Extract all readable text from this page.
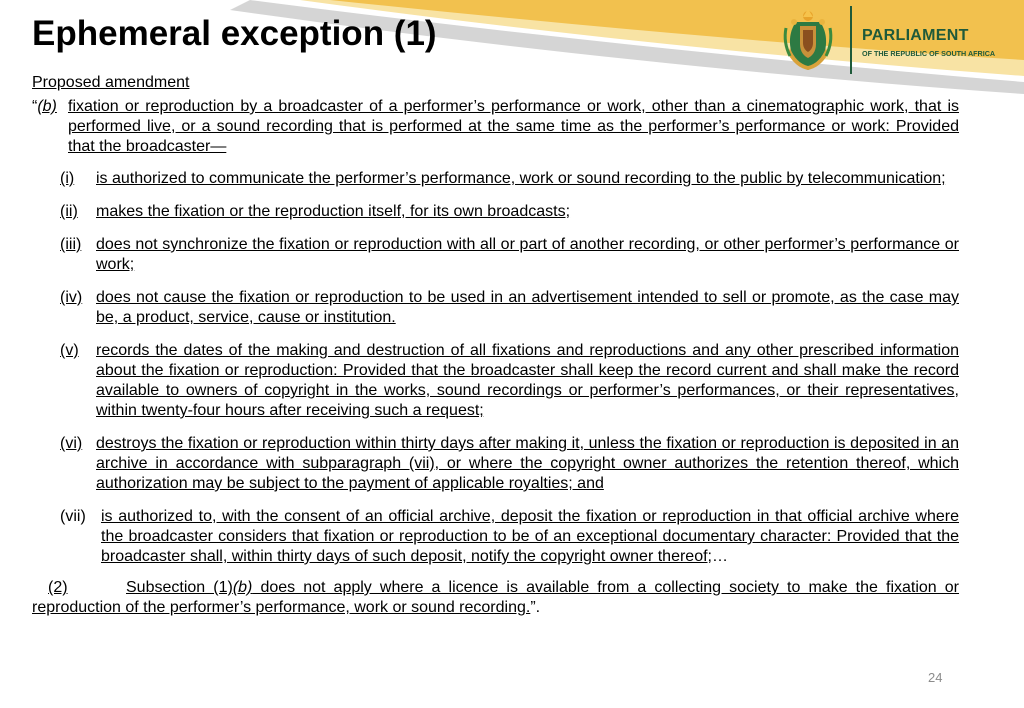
Ephemeral exception (1)	PARLIAMENT
OF THE REPUBLIC OF SOUTH AFRICA
Proposed amendment
“(b) fixation or reproduction by a broadcaster of a performer’s performance or work, other than a cinematographic work, that is performed live, or a sound recording that is performed at the same time as the performer’s performance or work: Provided that the broadcaster—
(i)	is authorized to communicate the performer’s performance, work or sound recording to the public by telecommunication;
(ii)	makes the fixation or the reproduction itself, for its own broadcasts;
(iii) does not synchronize the fixation or reproduction with all or part of another recording, or other performer’s performance or work;
(iv) does not cause the fixation or reproduction to be used in an advertisement intended to sell or promote, as the case may be, a product, service, cause or institution.
(v)	records the dates of the making and destruction of all fixations and reproductions and any other prescribed information about the fixation or reproduction: Provided that the broadcaster shall keep the record current and shall make the record available to owners of copyright in the works, sound recordings or performer’s performances, or their representatives, within twenty-four hours after receiving such a request;
(vi) destroys the fixation or reproduction within thirty days after making it, unless the fixation or reproduction is deposited in an archive in accordance with subparagraph (vii), or where the copyright owner authorizes the retention thereof, which authorization may be subject to the payment of applicable royalties; and
(vii) is authorized to, with the consent of an official archive, deposit the fixation or reproduction in that official archive where the broadcaster considers that fixation or reproduction to be of an exceptional documentary character: Provided that the broadcaster shall, within thirty days of such deposit, notify the copyright owner thereof;…
(2)	Subsection (1)(b) does not apply where a licence is available from a collecting society to make the fixation or reproduction of the performer’s performance, work or sound recording.”.
24
